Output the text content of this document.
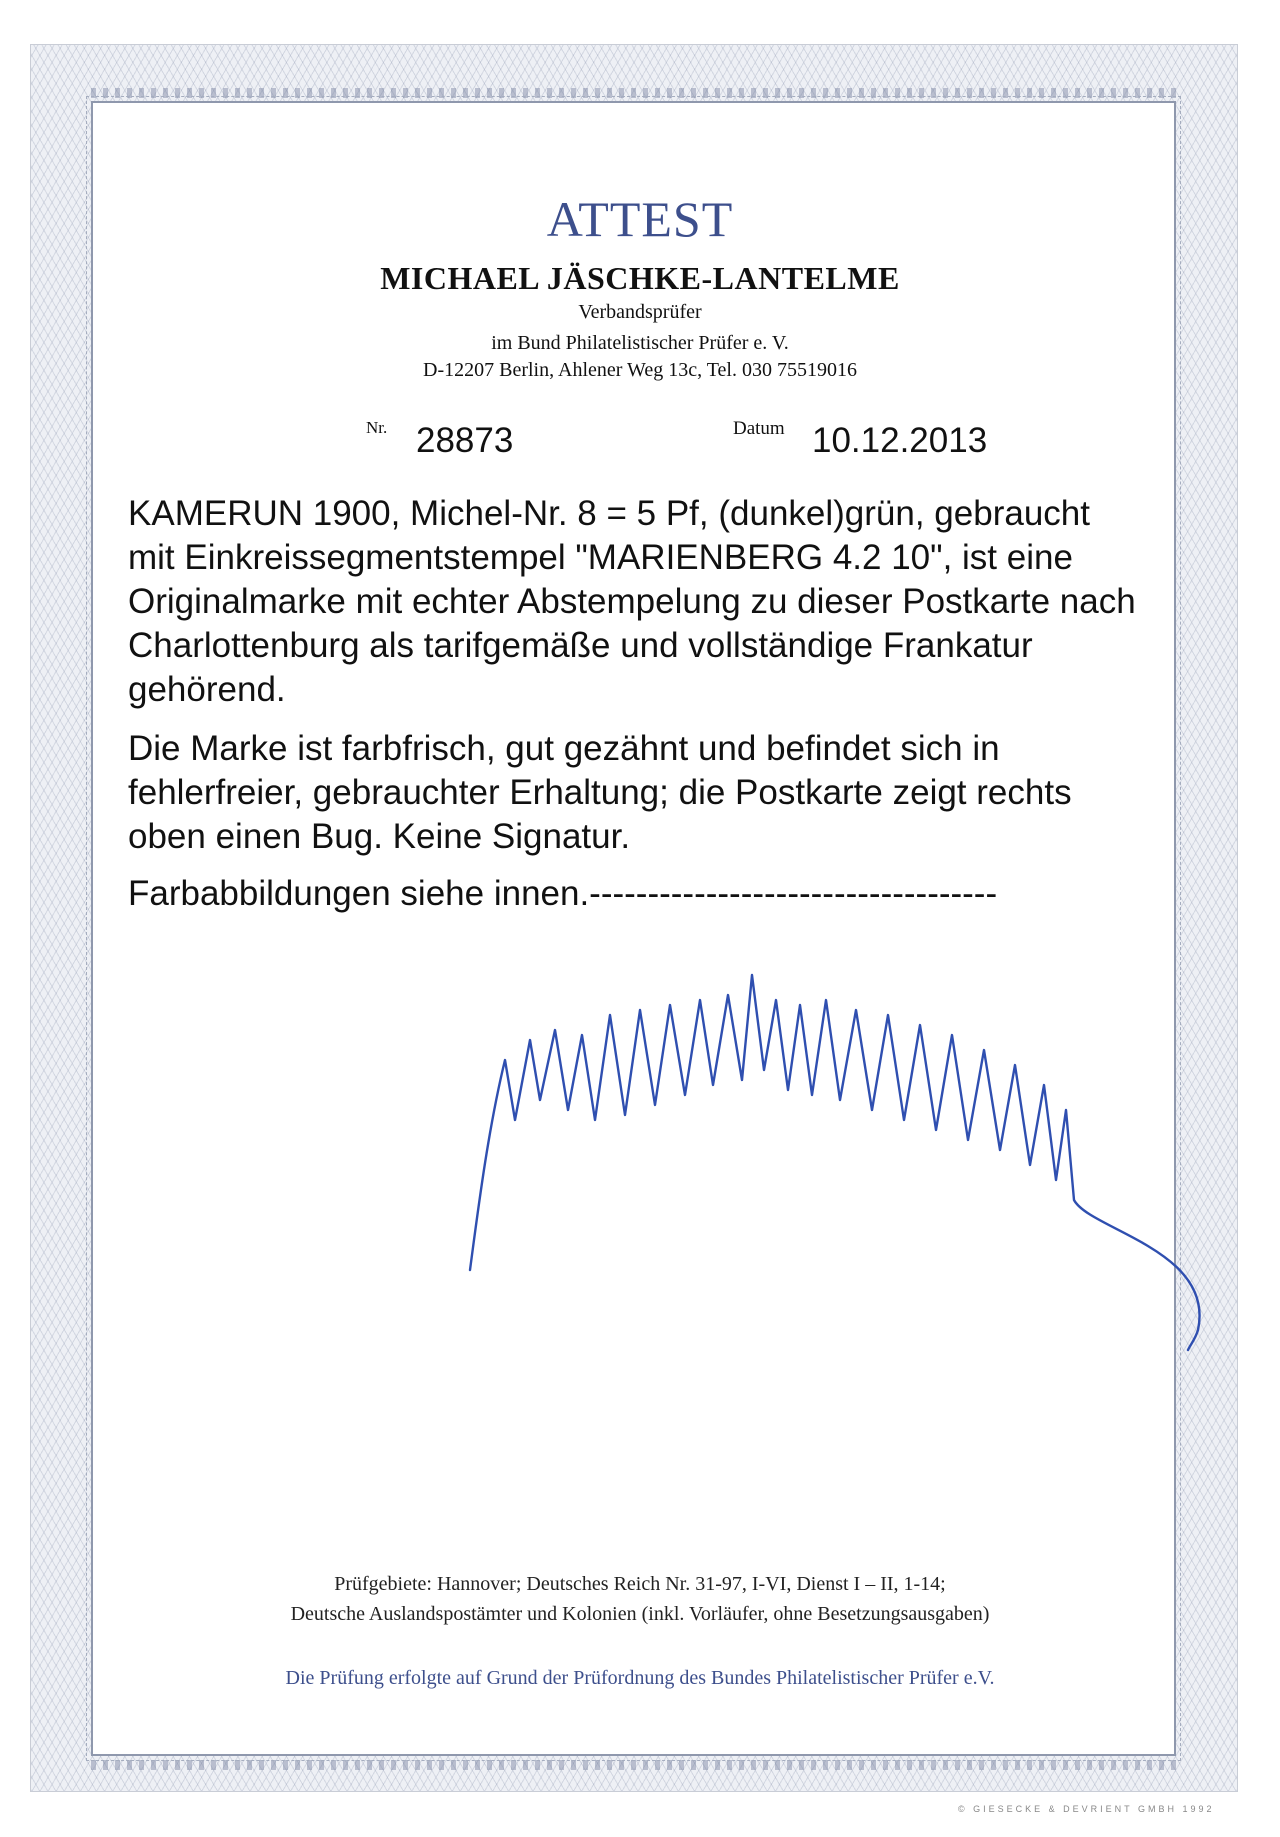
ATTEST
MICHAEL JÄSCHKE-LANTELME
Verbandsprüfer
im Bund Philatelistischer Prüfer e. V.
D-12207 Berlin, Ahlener Weg 13c, Tel. 030 75519016
Nr. 28873	Datum 10.12.2013
KAMERUN 1900, Michel-Nr. 8 = 5 Pf, (dunkel)grün, gebraucht mit Einkreissegmentstempel "MARIENBERG 4.2 10", ist eine Originalmarke mit echter Abstempelung zu dieser Postkarte nach Charlottenburg als tarifgemäße und vollständige Frankatur gehörend.
Die Marke ist farbfrisch, gut gezähnt und befindet sich in fehlerfreier, gebrauchter Erhaltung; die Postkarte zeigt rechts oben einen Bug. Keine Signatur.
Farbabbildungen siehe innen.-----------------------------------
Prüfgebiete: Hannover; Deutsches Reich Nr. 31-97, I-VI, Dienst I – II, 1-14;
Deutsche Auslandspostämter und Kolonien (inkl. Vorläufer, ohne Besetzungsausgaben)
Die Prüfung erfolgte auf Grund der Prüfordnung des Bundes Philatelistischer Prüfer e.V.
© GIESECKE & DEVRIENT GMBH 1992
